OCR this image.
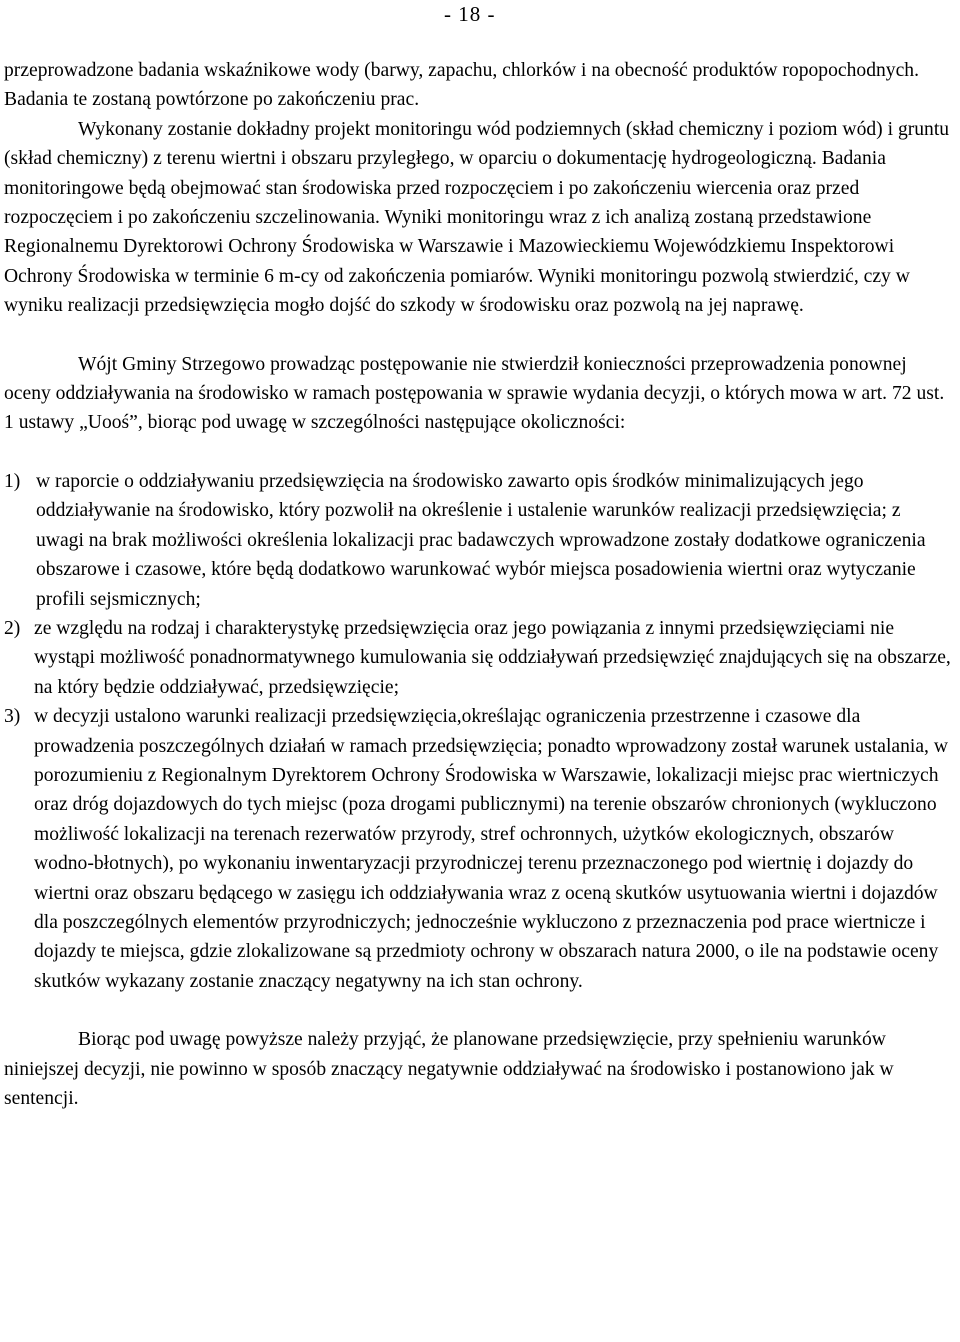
- 18 -

przeprowadzone badania wskaźnikowe wody (barwy, zapachu, chlorków i na obecność produktów ropopochodnych. Badania te zostaną powtórzone po zakończeniu prac.

Wykonany zostanie dokładny projekt monitoringu wód podziemnych (skład chemiczny i poziom wód) i gruntu (skład chemiczny) z terenu wiertni i obszaru przyległego, w oparciu o dokumentację hydrogeologiczną. Badania monitoringowe będą obejmować stan środowiska przed rozpoczęciem i po zakończeniu wiercenia oraz przed rozpoczęciem i po zakończeniu szczelinowania. Wyniki monitoringu wraz z ich analizą zostaną przedstawione Regionalnemu Dyrektorowi Ochrony Środowiska w Warszawie i Mazowieckiemu Wojewódzkiemu Inspektorowi Ochrony Środowiska w terminie 6 m-cy od zakończenia pomiarów. Wyniki monitoringu pozwolą stwierdzić, czy w wyniku realizacji przedsięwzięcia mogło dojść do szkody w środowisku oraz pozwolą na jej naprawę.

Wójt Gminy Strzegowo prowadząc postępowanie nie stwierdził konieczności przeprowadzenia ponownej oceny oddziaływania na środowisko w ramach postępowania w sprawie wydania decyzji, o których mowa w art. 72 ust. 1 ustawy „Uooś”, biorąc pod uwagę w szczególności następujące okoliczności:

1) w raporcie o oddziaływaniu przedsięwzięcia na środowisko zawarto opis środków minimalizujących jego oddziaływanie na środowisko, który pozwolił na określenie i ustalenie warunków realizacji przedsięwzięcia; z uwagi na brak możliwości określenia lokalizacji prac badawczych wprowadzone zostały dodatkowe ograniczenia obszarowe i czasowe, które będą dodatkowo warunkować wybór miejsca posadowienia wiertni oraz wytyczanie profili sejsmicznych;
2) ze względu na rodzaj i charakterystykę przedsięwzięcia oraz jego powiązania z innymi przedsięwzięciami nie wystąpi możliwość ponadnormatywnego kumulowania się oddziaływań przedsięwzięć znajdujących się na obszarze, na który będzie oddziaływać, przedsięwzięcie;
3) w decyzji ustalono warunki realizacji przedsięwzięcia,określając ograniczenia przestrzenne i czasowe dla prowadzenia poszczególnych działań w ramach przedsięwzięcia; ponadto wprowadzony został warunek ustalania, w porozumieniu z Regionalnym Dyrektorem Ochrony Środowiska w Warszawie, lokalizacji miejsc prac wiertniczych oraz dróg dojazdowych do tych miejsc (poza drogami publicznymi) na terenie obszarów chronionych (wykluczono możliwość lokalizacji na terenach rezerwatów przyrody, stref ochronnych, użytków ekologicznych, obszarów wodno-błotnych), po wykonaniu inwentaryzacji przyrodniczej terenu przeznaczonego pod wiertnię i dojazdy do wiertni oraz obszaru będącego w zasięgu ich oddziaływania wraz z oceną skutków usytuowania wiertni i dojazdów dla poszczególnych elementów przyrodniczych; jednocześnie wykluczono z przeznaczenia pod prace wiertnicze i dojazdy te miejsca, gdzie zlokalizowane są przedmioty ochrony w obszarach natura 2000, o ile na podstawie oceny skutków wykazany zostanie znaczący negatywny na ich stan ochrony.

Biorąc pod uwagę powyższe należy przyjąć, że planowane przedsięwzięcie, przy spełnieniu warunków niniejszej decyzji, nie powinno w sposób znaczący negatywnie oddziaływać na środowisko i postanowiono jak w sentencji.
